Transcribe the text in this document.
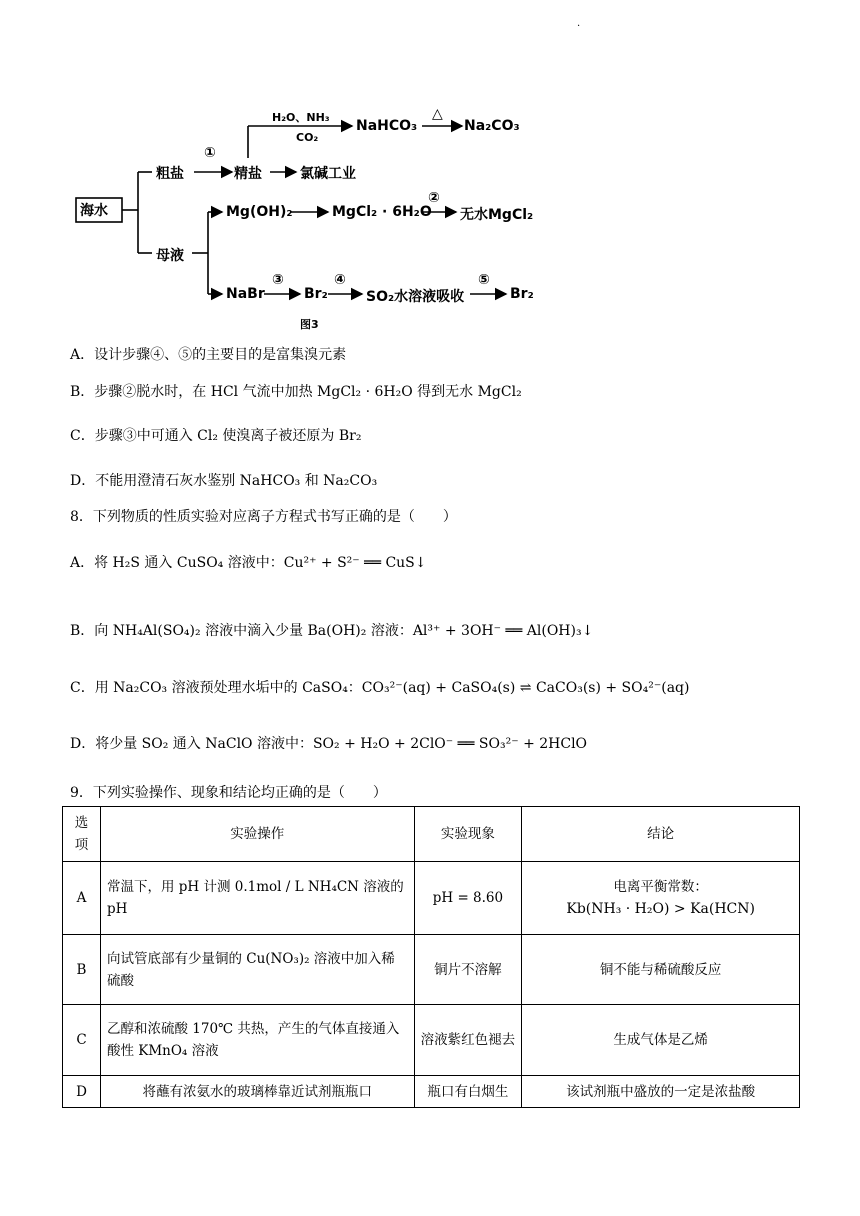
.
海水
粗盐
①
精盐
H₂O、NH₃
CO₂
NaHCO₃
△
Na₂CO₃
氯碱工业
母液
Mg(OH)₂	MgCl₂ · 6H₂O
②
无水MgCl₂
NaBr
③
Br₂
④
SO₂水溶液吸收
⑤
Br₂
图3
A．设计步骤④、⑤的主要目的是富集溴元素
B．步骤②脱水时，在 HCl 气流中加热 MgCl₂ · 6H₂O 得到无水 MgCl₂
C．步骤③中可通入 Cl₂ 使溴离子被还原为 Br₂
D．不能用澄清石灰水鉴别 NaHCO₃ 和 Na₂CO₃
8．下列物质的性质实验对应离子方程式书写正确的是（　　）
A．将 H₂S 通入 CuSO₄ 溶液中：Cu²⁺ + S²⁻ ══ CuS↓
B．向 NH₄Al(SO₄)₂ 溶液中滴入少量 Ba(OH)₂ 溶液：Al³⁺ + 3OH⁻ ══ Al(OH)₃↓
C．用 Na₂CO₃ 溶液预处理水垢中的 CaSO₄：CO₃²⁻(aq) + CaSO₄(s) ⇌ CaCO₃(s) + SO₄²⁻(aq)
D．将少量 SO₂ 通入 NaClO 溶液中：SO₂ + H₂O + 2ClO⁻ ══ SO₃²⁻ + 2HClO
9．下列实验操作、现象和结论均正确的是（　　）
选项	实验操作	实验现象	结论
A	常温下，用 pH 计测 0.1mol / L NH₄CN 溶液的 pH	pH = 8.60	电离平衡常数：
Kb(NH₃ · H₂O) > Ka(HCN)

B	向试管底部有少量铜的 Cu(NO₃)₂ 溶液中加入稀硫酸	铜片不溶解	铜不能与稀硫酸反应
C	乙醇和浓硫酸 170℃ 共热，产生的气体直接通入酸性 KMnO₄ 溶液	溶液紫红色褪去	生成气体是乙烯
D	将蘸有浓氨水的玻璃棒靠近试剂瓶瓶口	瓶口有白烟生	该试剂瓶中盛放的一定是浓盐酸
